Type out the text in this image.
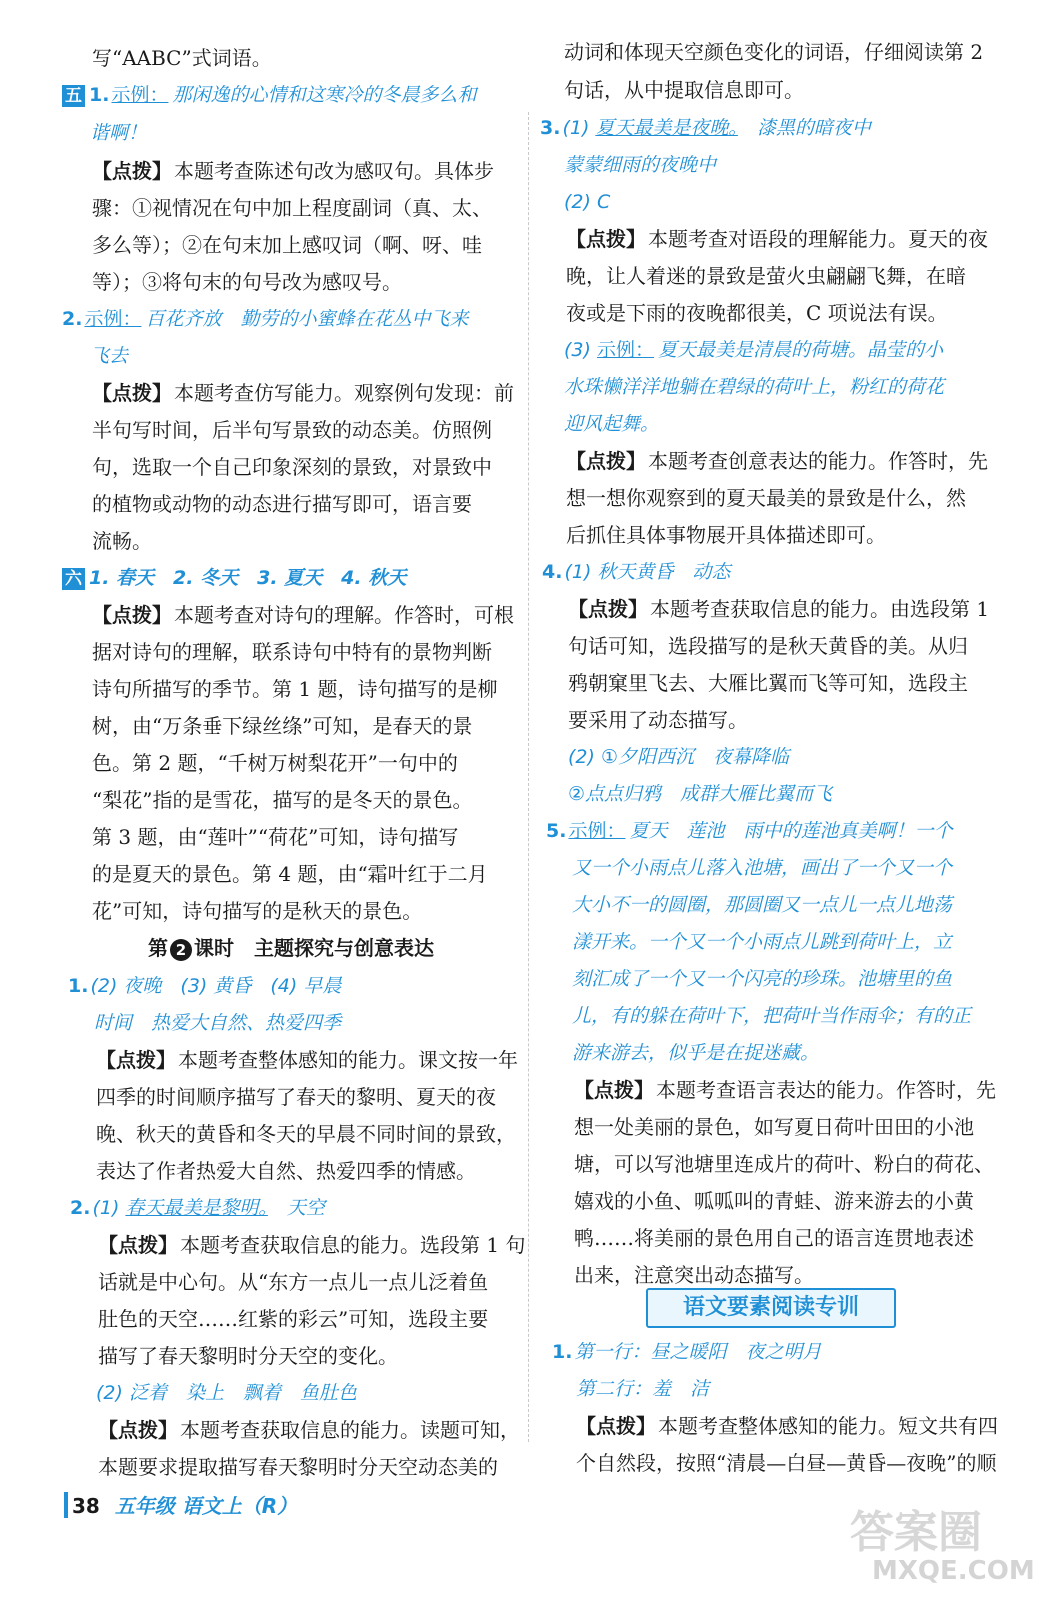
写“AABC”式词语。
五 1. 示例： 那闲逸的心情和这寒冷的冬晨多么和
谐啊！
【点拨】 本题考查陈述句改为感叹句。具体步
骤：①视情况在句中加上程度副词（真、太、
多么等）；②在句末加上感叹词（啊、呀、哇
等）；③将句末的句号改为感叹号。
2. 示例： 百花齐放　勤劳的小蜜蜂在花丛中飞来
飞去
【点拨】 本题考查仿写能力。观察例句发现：前
半句写时间，后半句写景致的动态美。仿照例
句，选取一个自己印象深刻的景致，对景致中
的植物或动物的动态进行描写即可，语言要
流畅。
六 1. 春天　2. 冬天　3. 夏天　4. 秋天
【点拨】 本题考查对诗句的理解。作答时，可根
据对诗句的理解，联系诗句中特有的景物判断
诗句所描写的季节。第 1 题，诗句描写的是柳
树，由“万条垂下绿丝绦”可知，是春天的景
色。第 2 题，“千树万树梨花开”一句中的
“梨花”指的是雪花，描写的是冬天的景色。
第 3 题，由“莲叶”“荷花”可知，诗句描写
的是夏天的景色。第 4 题，由“霜叶红于二月
花”可知，诗句描写的是秋天的景色。
第 2 课时　主题探究与创意表达
1. (2) 夜晚　(3) 黄昏　(4) 早晨
时间　热爱大自然、热爱四季
【点拨】 本题考查整体感知的能力。课文按一年
四季的时间顺序描写了春天的黎明、夏天的夜
晚、秋天的黄昏和冬天的早晨不同时间的景致，
表达了作者热爱大自然、热爱四季的情感。
2. (1) 春天最美是黎明。　天空
【点拨】 本题考查获取信息的能力。选段第 1 句
话就是中心句。从“东方一点儿一点儿泛着鱼
肚色的天空……红紫的彩云”可知，选段主要
描写了春天黎明时分天空的变化。
(2) 泛着　染上　飘着　鱼肚色
【点拨】 本题考查获取信息的能力。读题可知，
本题要求提取描写春天黎明时分天空动态美的
动词和体现天空颜色变化的词语，仔细阅读第 2
句话，从中提取信息即可。
3. (1) 夏天最美是夜晚。　漆黑的暗夜中
蒙蒙细雨的夜晚中
(2) C
【点拨】 本题考查对语段的理解能力。夏天的夜
晚，让人着迷的景致是萤火虫翩翩飞舞，在暗
夜或是下雨的夜晚都很美，C 项说法有误。
(3) 示例： 夏天最美是清晨的荷塘。晶莹的小
水珠懒洋洋地躺在碧绿的荷叶上，粉红的荷花
迎风起舞。
【点拨】 本题考查创意表达的能力。作答时，先
想一想你观察到的夏天最美的景致是什么，然
后抓住具体事物展开具体描述即可。
4. (1) 秋天黄昏　动态
【点拨】 本题考查获取信息的能力。由选段第 1
句话可知，选段描写的是秋天黄昏的美。从归
鸦朝窠里飞去、大雁比翼而飞等可知，选段主
要采用了动态描写。
(2) ①夕阳西沉　夜幕降临
②点点归鸦　成群大雁比翼而飞
5. 示例： 夏天　莲池　雨中的莲池真美啊！一个
又一个小雨点儿落入池塘，画出了一个又一个
大小不一的圆圈，那圆圈又一点儿一点儿地荡
漾开来。一个又一个小雨点儿跳到荷叶上，立
刻汇成了一个又一个闪亮的珍珠。池塘里的鱼
儿，有的躲在荷叶下，把荷叶当作雨伞；有的正
游来游去，似乎是在捉迷藏。
【点拨】 本题考查语言表达的能力。作答时，先
想一处美丽的景色，如写夏日荷叶田田的小池
塘，可以写池塘里连成片的荷叶、粉白的荷花、
嬉戏的小鱼、呱呱叫的青蛙、游来游去的小黄
鸭……将美丽的景色用自己的语言连贯地表述
出来，注意突出动态描写。
语文要素阅读专训
1. 第一行：昼之暖阳　夜之明月
第二行：羞　洁
【点拨】 本题考查整体感知的能力。短文共有四
个自然段，按照“清晨—白昼—黄昏—夜晚”的顺
38 五年级 语文上（R）
答案圈
MXQE.COM
